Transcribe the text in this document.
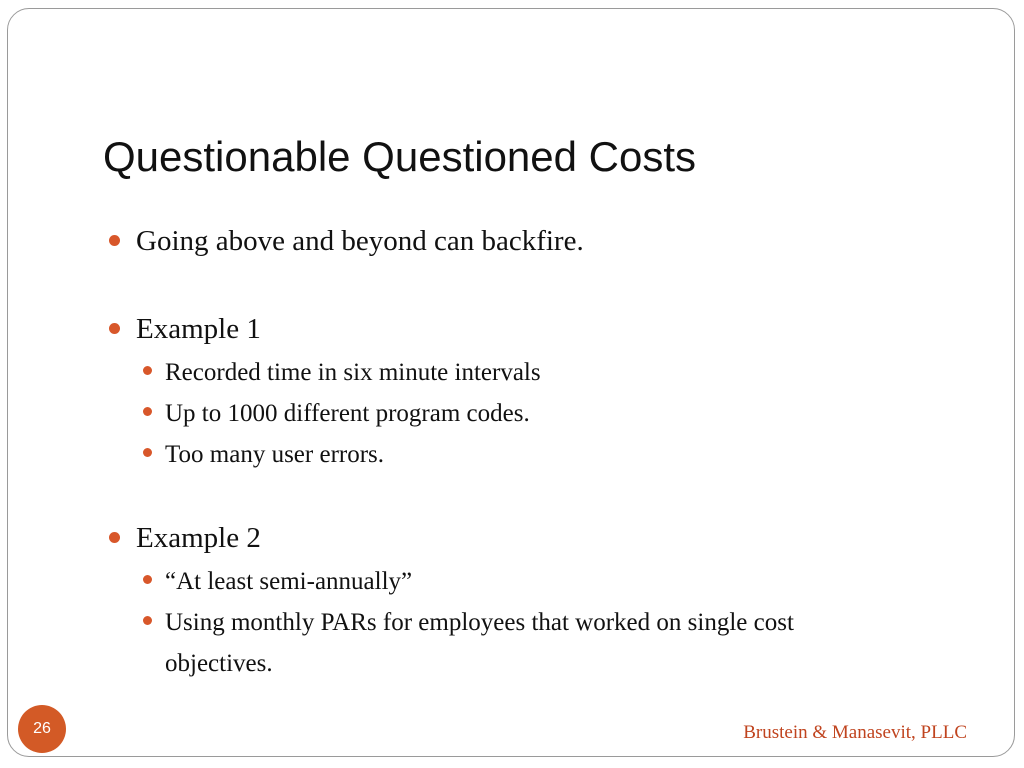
Questionable Questioned Costs
Going above and beyond can backfire.
Example 1
Recorded time in six minute intervals
Up to 1000 different program codes.
Too many user errors.
Example 2
“At least semi-annually”
Using monthly PARs for employees that worked on single cost objectives.
26	Brustein & Manasevit, PLLC
